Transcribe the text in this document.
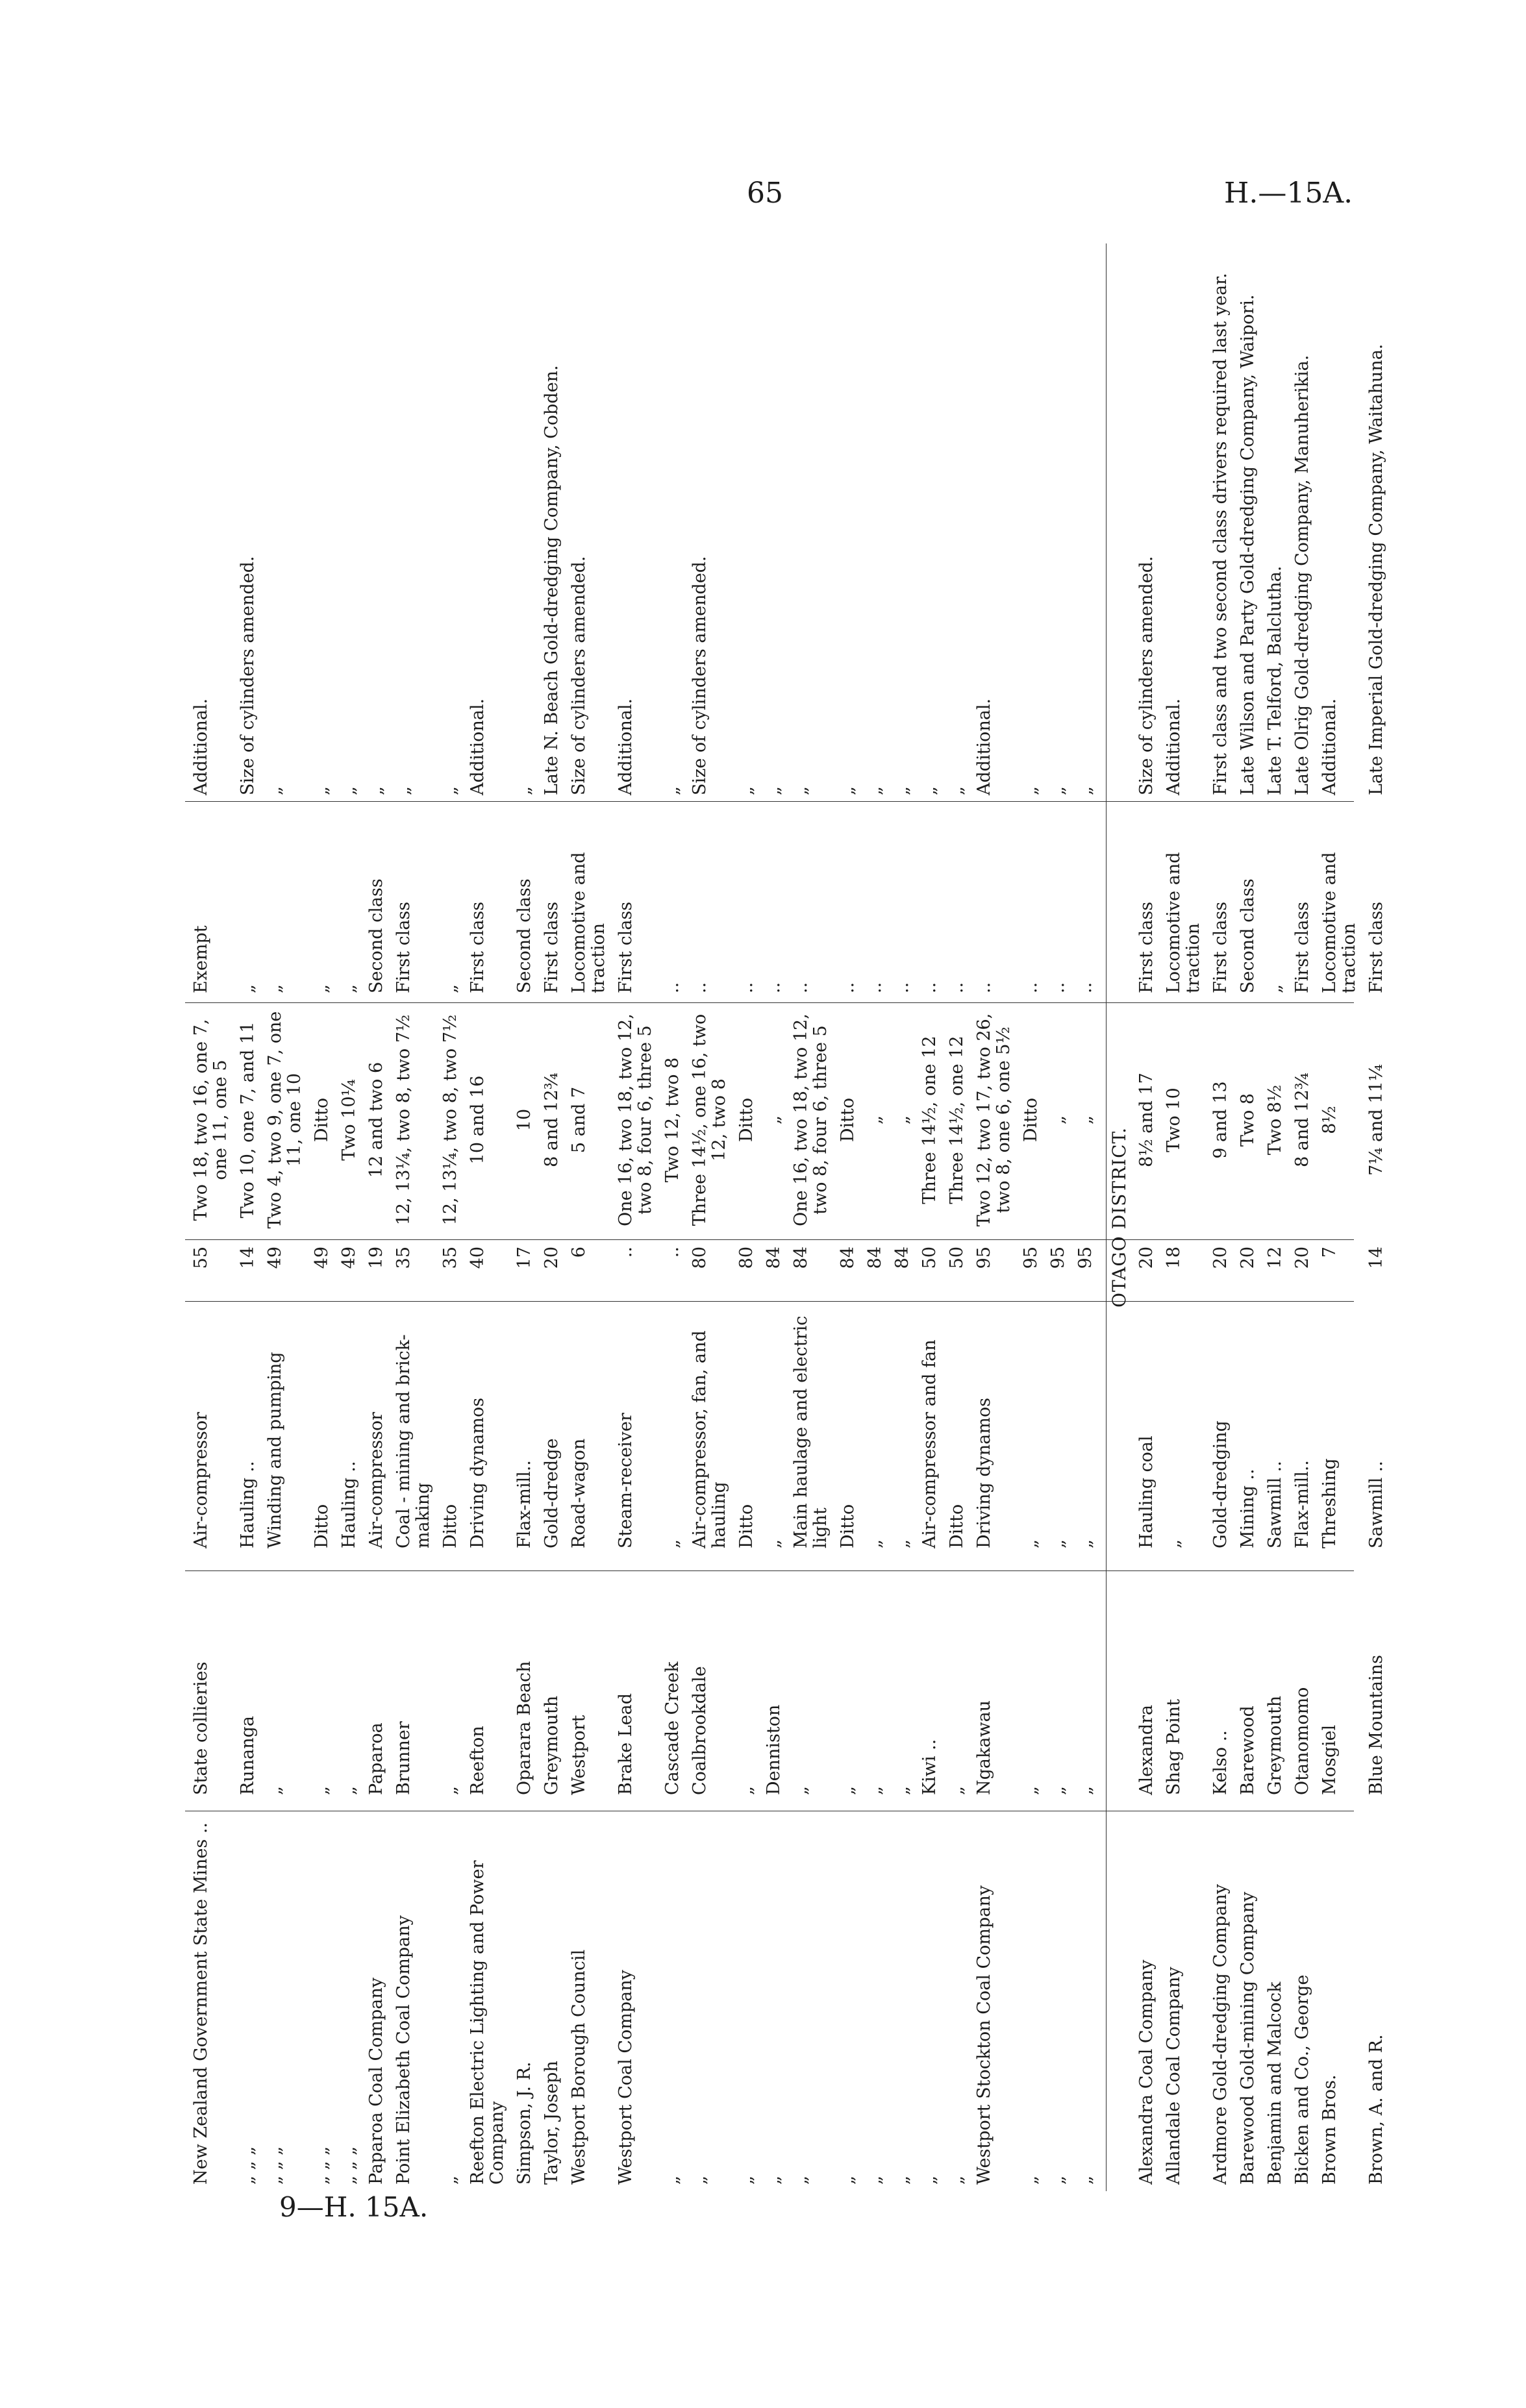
65	H.—15A.
9—H. 15A.
New Zealand Government State Mines ..
State collieries
Air-compressor
55
Two 18, two 16, one 7, one 11, one 5
Exempt
Additional.
„ „ „
Runanga
Hauling ..
14
Two 10, one 7, and 11
„
Size of cylinders amended.
„ „ „
„
Winding and pumping
49
Two 4, two 9, one 7, one 11, one 10
„
„
„ „ „
„
Ditto
49
Ditto
„
„
„ „ „
„
Hauling ..
49
Two 10¼
„
„
Paparoa Coal Company
Paparoa
Air-compressor
19
12 and two 6
Second class
„
Point Elizabeth Coal Company
Brunner
Coal - mining and brick-making
35
12, 13¼, two 8, two 7½
First class
„
„
„
Ditto
35
12, 13¼, two 8, two 7½
„
„
Reefton Electric Lighting and Power Company
Reefton
Driving dynamos
40
10 and 16
First class
Additional.
Simpson, J. R.
Oparara Beach
Flax-mill..
17
10
Second class
„
Taylor, Joseph
Greymouth
Gold-dredge
20
8 and 12¾
First class
Late N. Beach Gold-dredging Company, Cobden.
Westport Borough Council
Westport
Road-wagon
6
5 and 7
Locomotive and traction
Size of cylinders amended.
Westport Coal Company
Brake Lead
Steam-receiver
..
One 16, two 18, two 12, two 8, four 6, three 5
First class
Additional.
„
Cascade Creek
„
..
Two 12, two 8
..
„
„
Coalbrookdale
Air-compressor, fan, and hauling
80
Three 14½, one 16, two 12, two 8
..
Size of cylinders amended.
„
„
Ditto
80
Ditto
..
„
„
Denniston
„
84
„
..
„
„
„
Main haulage and electric light
84
One 16, two 18, two 12, two 8, four 6, three 5
..
„
„
„
Ditto
84
Ditto
..
„
„
„
„
84
„
..
„
„
„
„
84
„
..
„
„
Kiwi ..
Air-compressor and fan
50
Three 14½, one 12
..
„
„
„
Ditto
50
Three 14½, one 12
..
„
Westport Stockton Coal Company
Ngakawau
Driving dynamos
95
Two 12, two 17, two 26, two 8, one 6, one 5½
..
Additional.
„
„
„
95
Ditto
..
„
„
„
„
95
„
..
„
„
„
„
95
„
..
„
OTAGO DISTRICT.
Alexandra Coal Company
Alexandra
Hauling coal
20
8½ and 17
First class
Size of cylinders amended.
Allandale Coal Company
Shag Point
„
18
Two 10
Locomotive and traction
Additional.
Ardmore Gold-dredging Company
Kelso ..
Gold-dredging
20
9 and 13
First class
First class and two second class drivers required last year.
Barewood Gold-mining Company
Barewood
Mining ..
20
Two 8
Second class
Late Wilson and Party Gold-dredging Company, Waipori.
Benjamin and Malcock
Greymouth
Sawmill ..
12
Two 8½
„
Late T. Telford, Balclutha.
Bicken and Co., George
Otanomomo
Flax-mill..
20
8 and 12¾
First class
Late Olrig Gold-dredging Company, Manuherikia.
Brown Bros.
Mosgiel
Threshing
7
8½
Locomotive and traction
Additional.
Brown, A. and R.
Blue Mountains
Sawmill ..
14
7¼ and 11¼
First class
Late Imperial Gold-dredging Company, Waitahuna.
